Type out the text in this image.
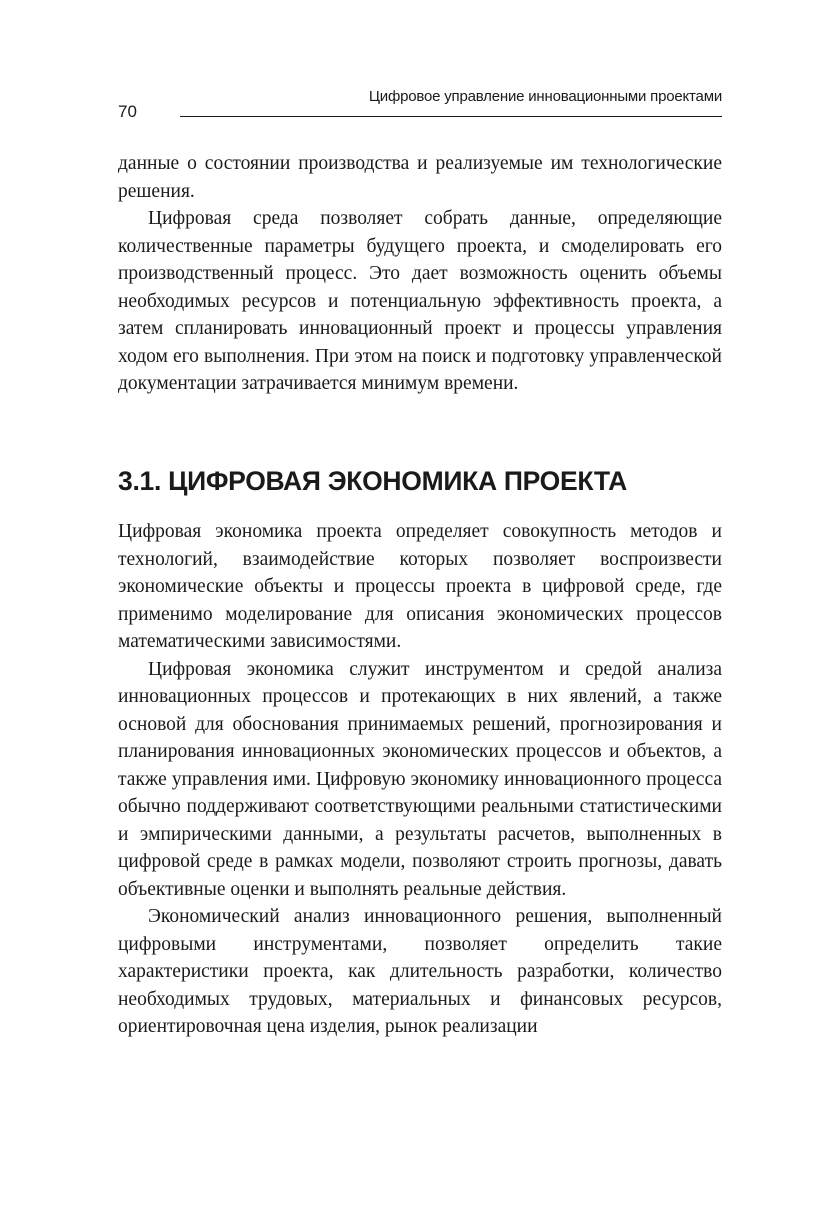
70
Цифровое управление инновационными проектами

данные о состоянии производства и реализуемые им технологические решения.

Цифровая среда позволяет собрать данные, определяющие количественные параметры будущего проекта, и смоделировать его производственный процесс. Это дает возможность оценить объемы необходимых ресурсов и потенциальную эффективность проекта, а затем спланировать инновационный проект и процессы управления ходом его выполнения. При этом на поиск и подготовку управленческой документации затрачивается минимум времени.

3.1. ЦИФРОВАЯ ЭКОНОМИКА ПРОЕКТА

Цифровая экономика проекта определяет совокупность методов и технологий, взаимодействие которых позволяет воспроизвести экономические объекты и процессы проекта в цифровой среде, где применимо моделирование для описания экономических процессов математическими зависимостями.

Цифровая экономика служит инструментом и средой анализа инновационных процессов и протекающих в них явлений, а также основой для обоснования принимаемых решений, прогнозирования и планирования инновационных экономических процессов и объектов, а также управления ими. Цифровую экономику инновационного процесса обычно поддерживают соответствующими реальными статистическими и эмпирическими данными, а результаты расчетов, выполненных в цифровой среде в рамках модели, позволяют строить прогнозы, давать объективные оценки и выполнять реальные действия.

Экономический анализ инновационного решения, выполненный цифровыми инструментами, позволяет определить такие характеристики проекта, как длительность разработки, количество необходимых трудовых, материальных и финансовых ресурсов, ориентировочная цена изделия, рынок реализации
